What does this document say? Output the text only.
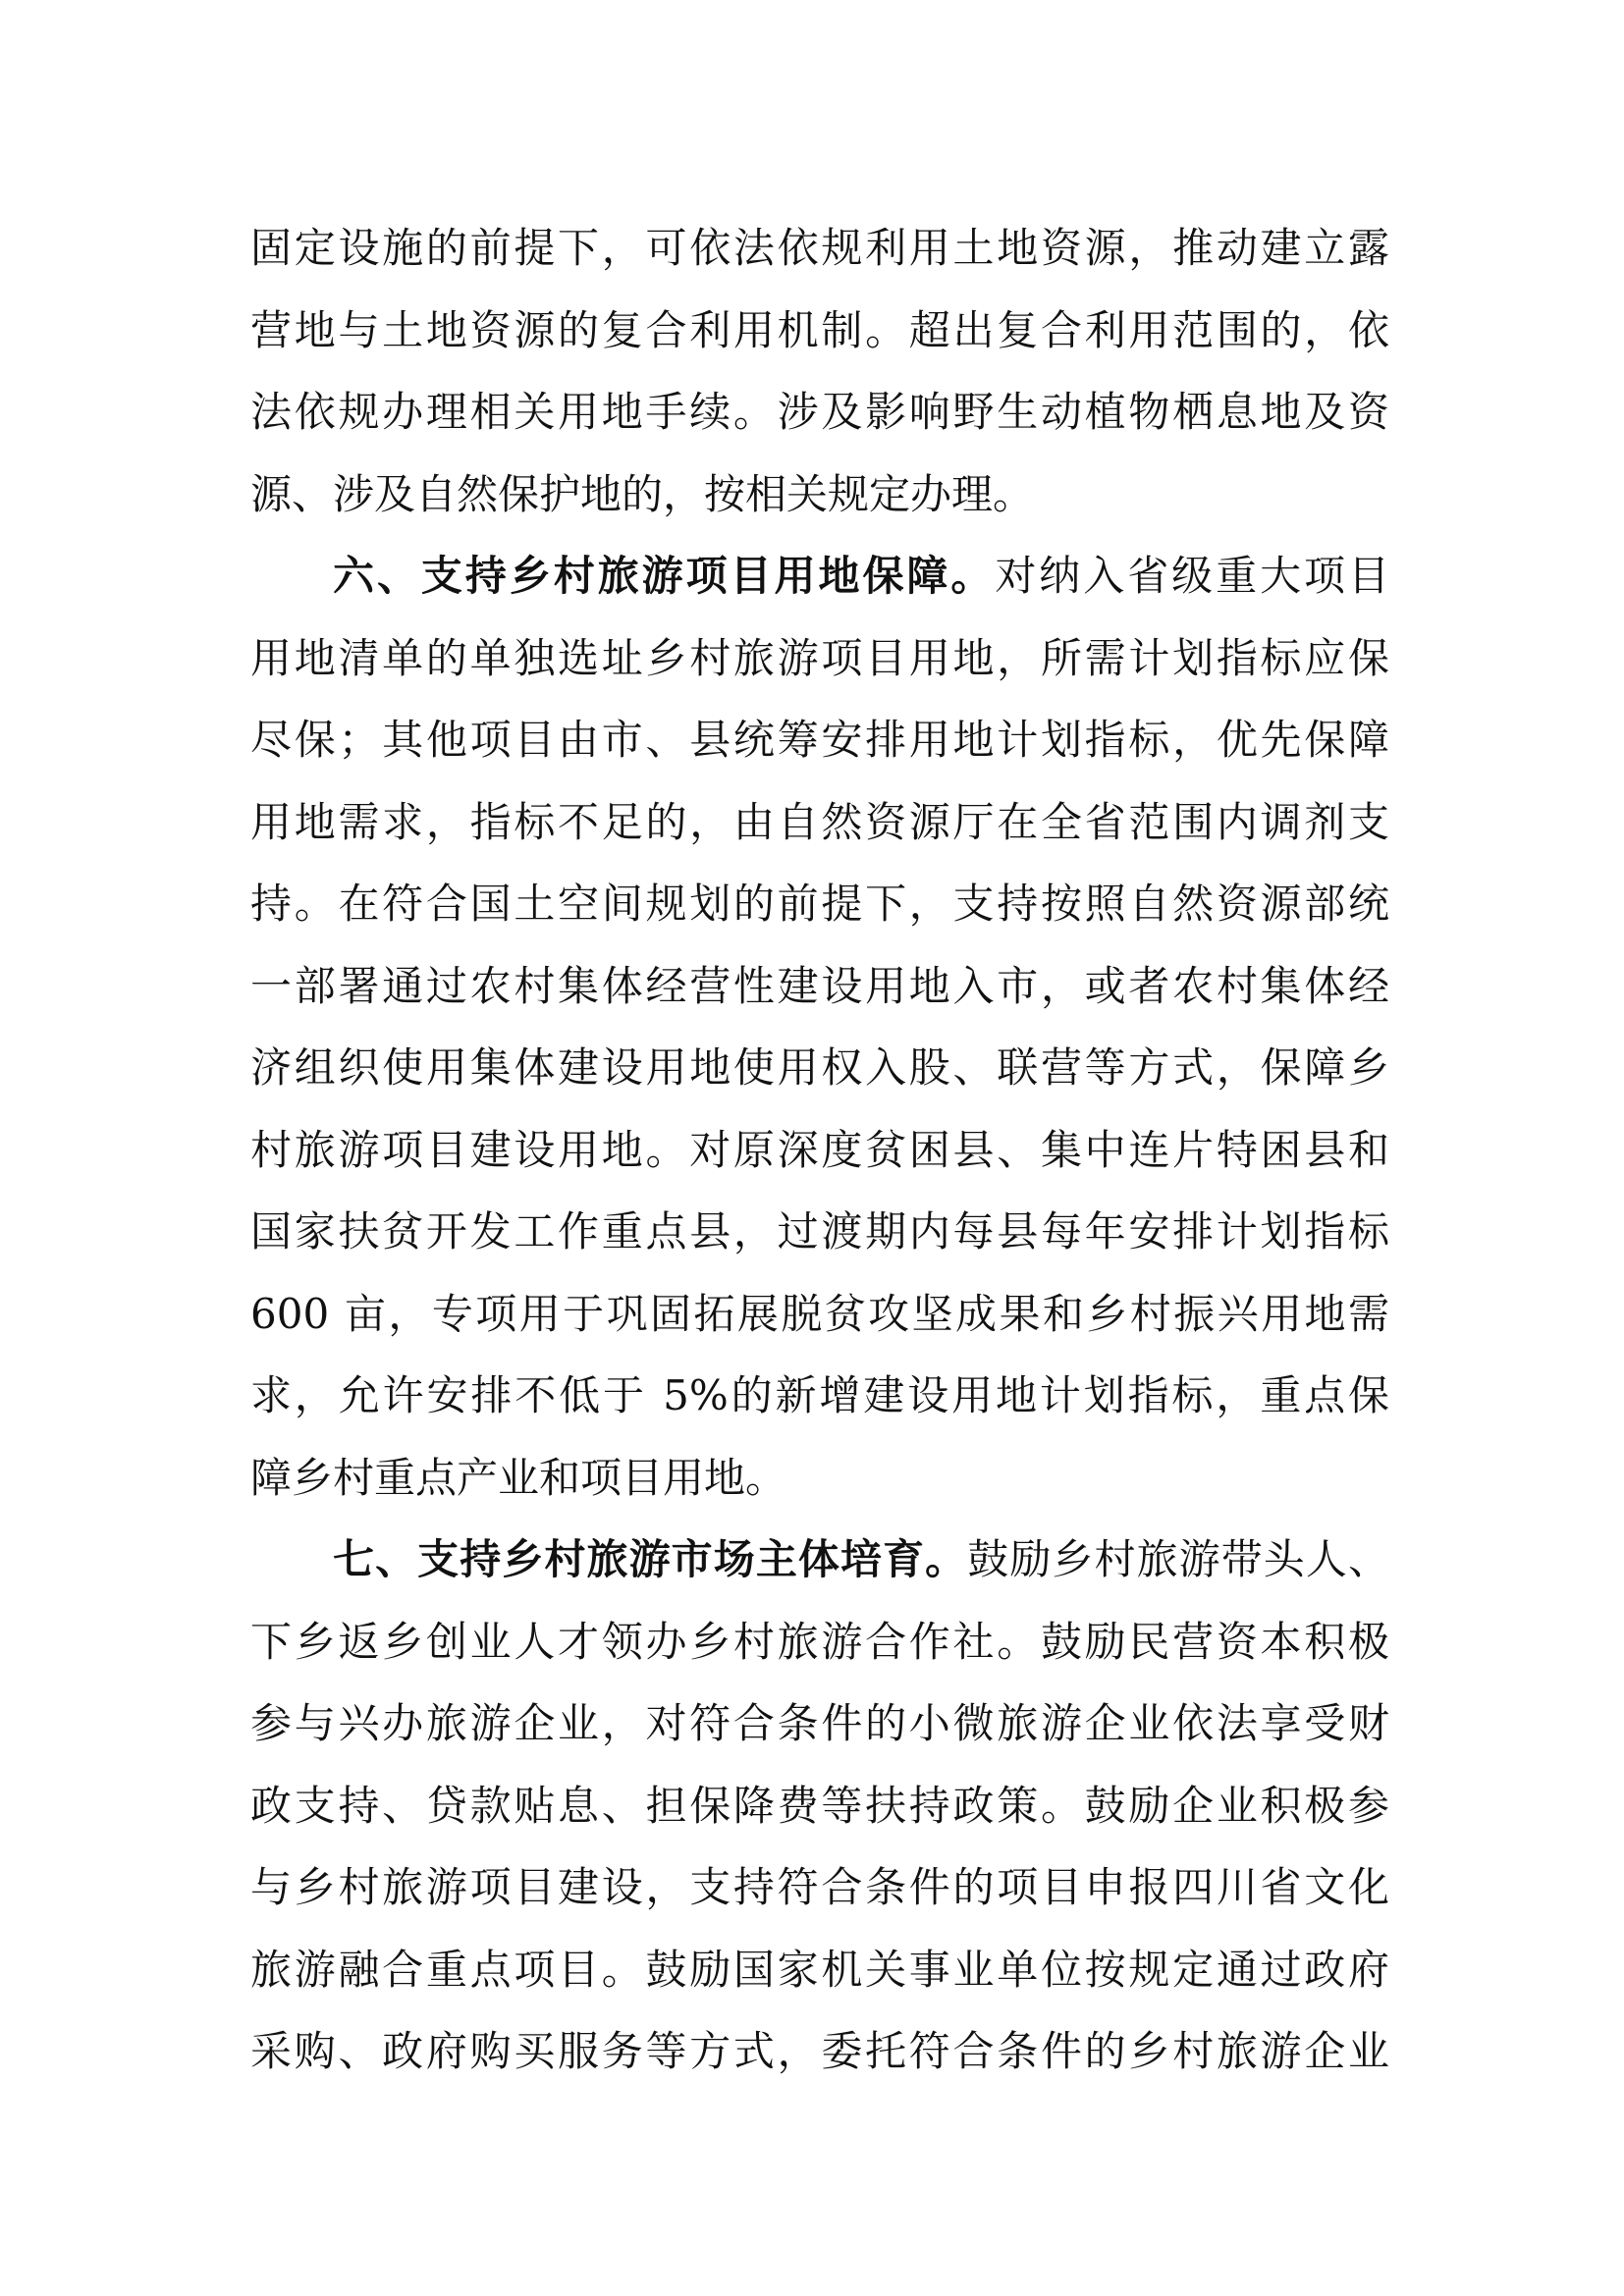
固定设施的前提下，可依法依规利用土地资源，推动建立露
营地与土地资源的复合利用机制。超出复合利用范围的，依
法依规办理相关用地手续。涉及影响野生动植物栖息地及资
源、涉及自然保护地的，按相关规定办理。
六、支持乡村旅游项目用地保障。对纳入省级重大项目
用地清单的单独选址乡村旅游项目用地，所需计划指标应保
尽保；其他项目由市、县统筹安排用地计划指标，优先保障
用地需求，指标不足的，由自然资源厅在全省范围内调剂支
持。在符合国土空间规划的前提下，支持按照自然资源部统
一部署通过农村集体经营性建设用地入市，或者农村集体经
济组织使用集体建设用地使用权入股、联营等方式，保障乡
村旅游项目建设用地。对原深度贫困县、集中连片特困县和
国家扶贫开发工作重点县，过渡期内每县每年安排计划指标
600 亩，专项用于巩固拓展脱贫攻坚成果和乡村振兴用地需
求，允许安排不低于 5%的新增建设用地计划指标，重点保
障乡村重点产业和项目用地。
七、支持乡村旅游市场主体培育。鼓励乡村旅游带头人、
下乡返乡创业人才领办乡村旅游合作社。鼓励民营资本积极
参与兴办旅游企业，对符合条件的小微旅游企业依法享受财
政支持、贷款贴息、担保降费等扶持政策。鼓励企业积极参
与乡村旅游项目建设，支持符合条件的项目申报四川省文化
旅游融合重点项目。鼓励国家机关事业单位按规定通过政府
采购、政府购买服务等方式，委托符合条件的乡村旅游企业
